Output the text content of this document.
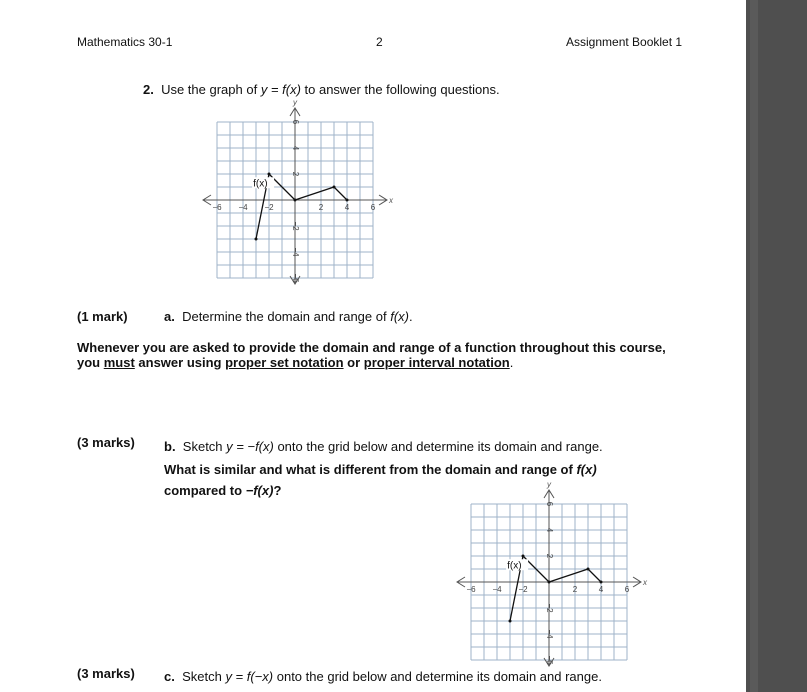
Mathematics 30-1	2	Assignment Booklet 1
2. Use the graph of y = f(x) to answer the following questions.
x
y
−6 −4 −2	2	4	6
6
4
2
−2
−4
−6
f(x)
(1 mark)	a. Determine the domain and range of f(x).
Whenever you are asked to provide the domain and range of a function throughout this course,
you must answer using proper set notation or proper interval notation.
(3 marks) b. Sketch y = −f(x) onto the grid below and determine its domain and range.
What is similar and what is different from the domain and range of f(x)
compared to −f(x)?
x
y
−6 −4 −2	2	4	6
6
4
2
−2
−4
−6
f(x)
(3 marks) c. Sketch y = f(−x) onto the grid below and determine its domain and range.
